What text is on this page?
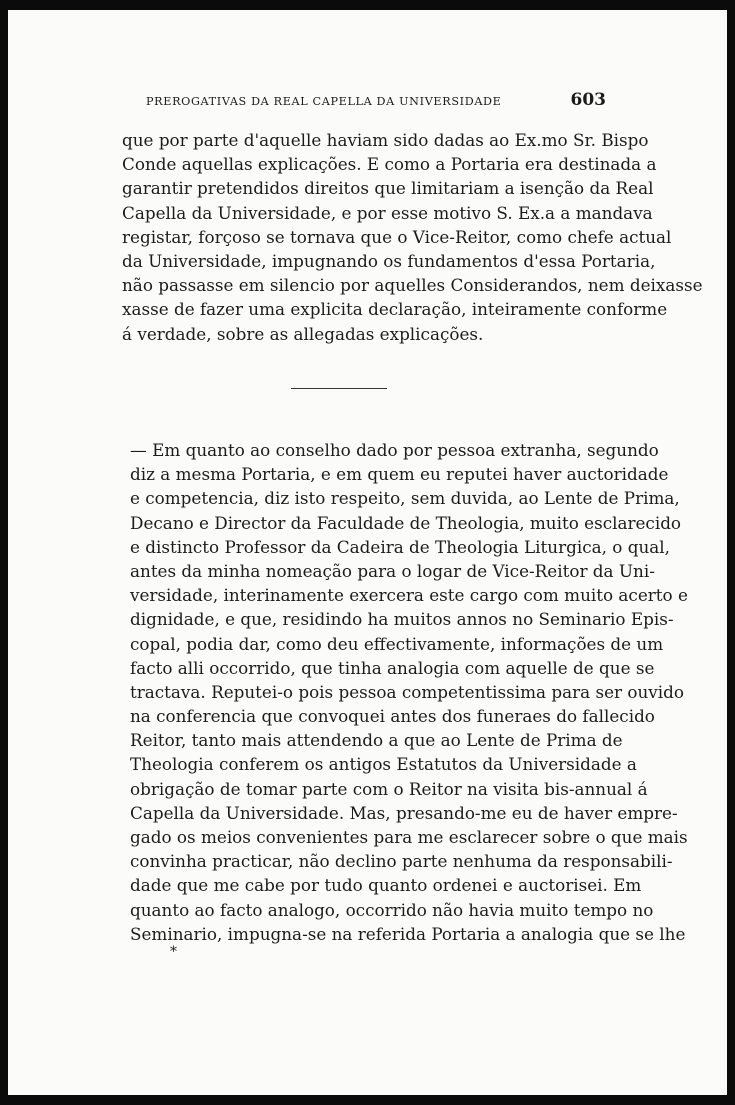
PREROGATIVAS DA REAL CAPELLA DA UNIVERSIDADE	603
que por parte d'aquelle haviam sido dadas ao Ex.mo Sr. Bispo
Conde aquellas explicações. E como a Portaria era destinada a
garantir pretendidos direitos que limitariam a isenção da Real
Capella da Universidade, e por esse motivo S. Ex.a a mandava
registar, forçoso se tornava que o Vice-Reitor, como chefe actual
da Universidade, impugnando os fundamentos d'essa Portaria,
não passasse em silencio por aquelles Considerandos, nem deixasse
xasse de fazer uma explicita declaração, inteiramente conforme
á verdade, sobre as allegadas explicações.
— Em quanto ao conselho dado por pessoa extranha, segundo
diz a mesma Portaria, e em quem eu reputei haver auctoridade
e competencia, diz isto respeito, sem duvida, ao Lente de Prima,
Decano e Director da Faculdade de Theologia, muito esclarecido
e distincto Professor da Cadeira de Theologia Liturgica, o qual,
antes da minha nomeação para o logar de Vice-Reitor da Uni-
versidade, interinamente exercera este cargo com muito acerto e
dignidade, e que, residindo ha muitos annos no Seminario Epis-
copal, podia dar, como deu effectivamente, informações de um
facto alli occorrido, que tinha analogia com aquelle de que se
tractava. Reputei-o pois pessoa competentissima para ser ouvido
na conferencia que convoquei antes dos funeraes do fallecido
Reitor, tanto mais attendendo a que ao Lente de Prima de
Theologia conferem os antigos Estatutos da Universidade a
obrigação de tomar parte com o Reitor na visita bis-annual á
Capella da Universidade. Mas, presando-me eu de haver empre-
gado os meios convenientes para me esclarecer sobre o que mais
convinha practicar, não declino parte nenhuma da responsabili-
dade que me cabe por tudo quanto ordenei e auctorisei. Em
quanto ao facto analogo, occorrido não havia muito tempo no
Seminario, impugna-se na referida Portaria a analogia que se lhe
*
